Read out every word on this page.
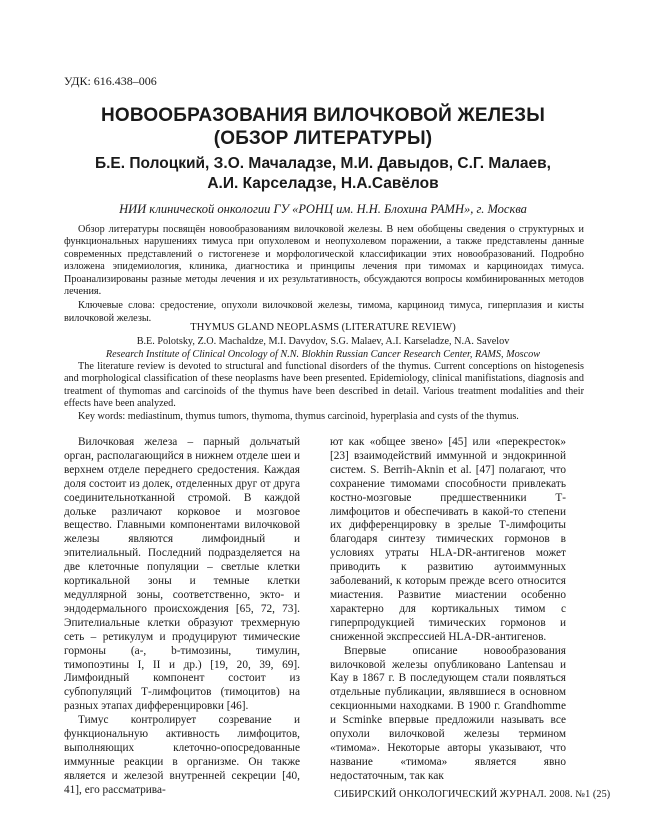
УДК: 616.438–006
НОВООБРАЗОВАНИЯ ВИЛОЧКОВОЙ ЖЕЛЕЗЫ
(ОБЗОР ЛИТЕРАТУРЫ)
Б.Е. Полоцкий, З.О. Мачаладзе, М.И. Давыдов, С.Г. Малаев,
А.И. Карселадзе, Н.А.Савёлов
НИИ клинической онкологии ГУ «РОНЦ им. Н.Н. Блохина РАМН», г. Москва

Обзор литературы посвящён новообразованиям вилочковой железы. В нем обобщены сведения о структурных и функциональных нарушениях тимуса при опухолевом и неопухолевом поражении, а также представлены данные современных представлений о гистогенезе и морфологической классификации этих новообразований. Подробно изложена эпидемиология, клиника, диагностика и принципы лечения при тимомах и карциноидах тимуса. Проанализированы разные методы лечения и их результативность, обсуждаются вопросы комбинированных методов лечения.

Ключевые слова: средостение, опухоли вилочковой железы, тимома, карциноид тимуса, гиперплазия и кисты вилочковой железы.

THYMUS GLAND NEOPLASMS (LITERATURE REVIEW)
B.E. Polotsky, Z.O. Machaldze, M.I. Davydov, S.G. Malaev, A.I. Karseladze, N.A. Savelov
Research Institute of Clinical Oncology of N.N. Blokhin Russian Cancer Research Center, RAMS, Moscow

The literature review is devoted to structural and functional disorders of the thymus. Current conceptions on histogenesis and morphological classification of these neoplasms have been presented. Epidemiology, clinical manifistations, diagnosis and treatment of thymomas and carcinoids of the thymus have been described in detail. Various treatment modalities and their effects have been analyzed.

Key words: mediastinum, thymus tumors, thymoma, thymus carcinoid, hyperplasia and cysts of the thymus.

Вилочковая железа – парный дольчатый орган, располагающийся в нижнем отделе шеи и верхнем отделе переднего средостения. Каждая доля состоит из долек, отделенных друг от друга соединительнотканной стромой. В каждой дольке различают корковое и мозговое вещество. Главными компонентами вилочковой железы являются лимфоидный и эпителиальный. Последний подразделяется на две клеточные популяции – светлые клетки кортикальной зоны и темные клетки медуллярной зоны, соответственно, экто- и эндодермального происхождения [65, 72, 73]. Эпителиальные клетки образуют трехмерную сеть – ретикулум и продуцируют тимические гормоны (a-, b-тимозины, тимулин, тимопоэтины I, II и др.) [19, 20, 39, 69]. Лимфоидный компонент состоит из субпопуляций Т-лимфоцитов (тимоцитов) на разных этапах дифференцировки [46].

Тимус контролирует созревание и функциональную активность лимфоцитов, выполняющих клеточно-опосредованные иммунные реакции в организме. Он также является и железой внутренней секреции [40, 41], его рассматрива-

ют как «общее звено» [45] или «перекресток» [23] взаимодействий иммунной и эндокринной систем. S. Berrih-Aknin et al. [47] полагают, что сохранение тимомами способности привлекать костно-мозговые предшественники Т-лимфоцитов и обеспечивать в какой-то степени их дифференцировку в зрелые Т-лимфоциты благодаря синтезу тимических гормонов в условиях утраты HLA-DR-антигенов может приводить к развитию аутоиммунных заболеваний, к которым прежде всего относится миастения. Развитие миастении особенно характерно для кортикальных тимом с гиперпродукцией тимических гормонов и сниженной экспрессией HLA-DR-антигенов.

Впервые описание новообразования вилочковой железы опубликовано Lantensau и Kay в 1867 г. В последующем стали появляться отдельные публикации, являвшиеся в основном секционными находками. В 1900 г. Grandhomme и Scminke впервые предложили называть все опухоли вилочковой железы термином «тимома». Некоторые авторы указывают, что название «тимома» является явно недостаточным, так как

СИБИРСКИЙ ОНКОЛОГИЧЕСКИЙ ЖУРНАЛ. 2008. №1 (25)
